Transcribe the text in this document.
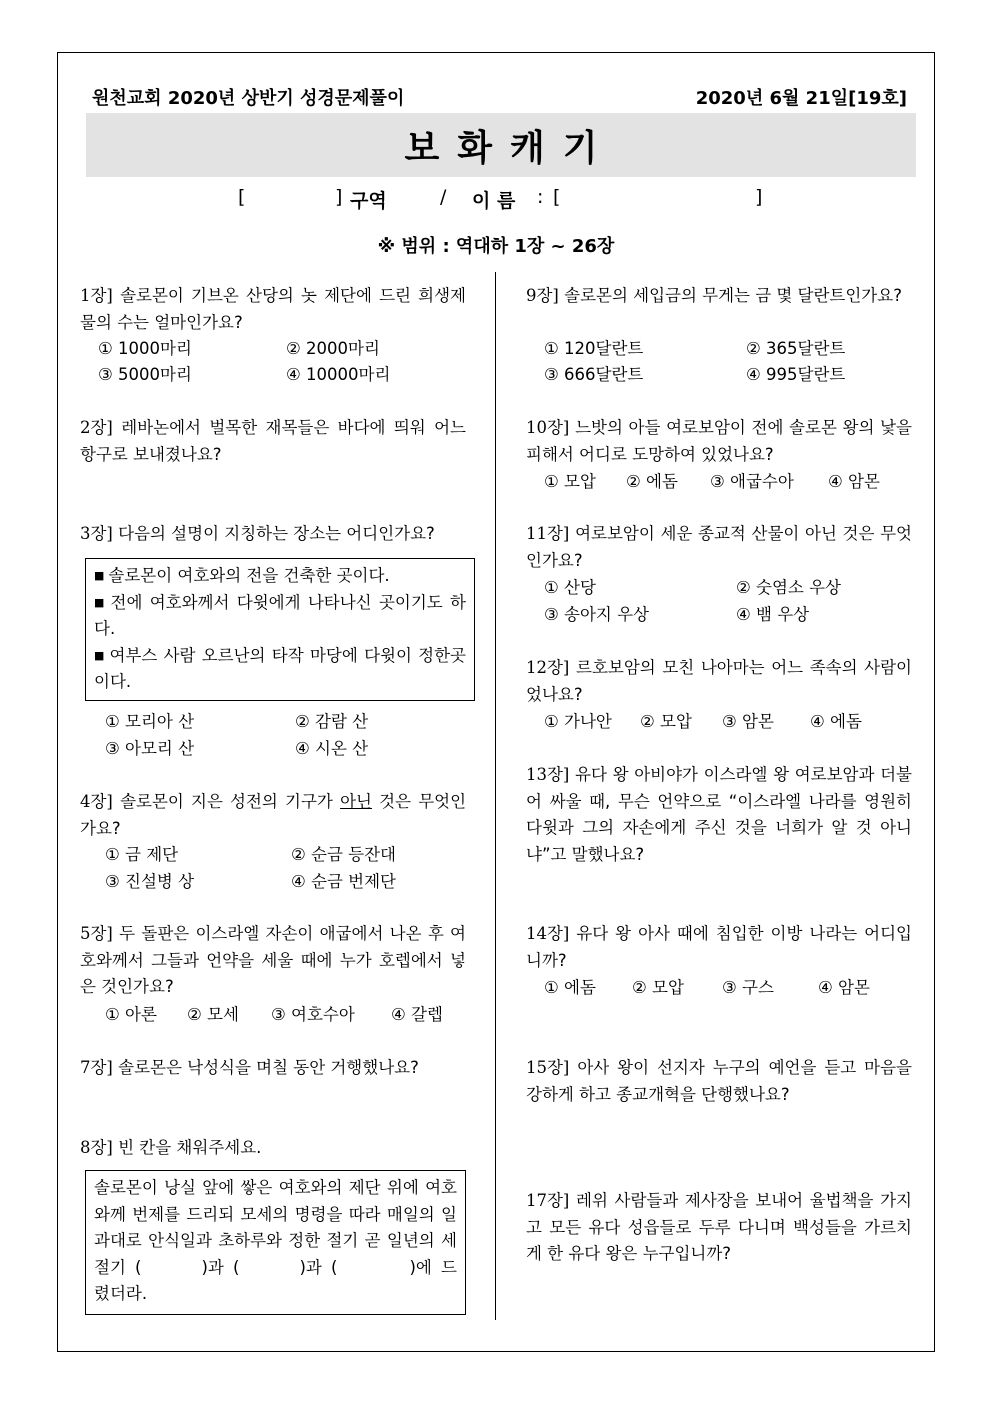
원천교회 2020년 상반기 성경문제풀이	2020년 6월 21일[19호]
보화캐기
[	] 구역	/ 이 름 : [	]
※ 범위 : 역대하 1장 ~ 26장
1장] 솔로몬이 기브온 산당의 놋 제단에 드린 희생제물의 수는 얼마인가요?
① 1000마리	② 2000마리
③ 5000마리	④ 10000마리
2장] 레바논에서 벌목한 재목들은 바다에 띄워 어느 항구로 보내졌나요?
3장] 다음의 설명이 지칭하는 장소는 어디인가요?
■ 솔로몬이 여호와의 전을 건축한 곳이다.
■ 전에 여호와께서 다윗에게 나타나신 곳이기도 하다.
■ 여부스 사람 오르난의 타작 마당에 다윗이 정한곳이다.
① 모리아 산	② 감람 산
③ 아모리 산	④ 시온 산
4장] 솔로몬이 지은 성전의 기구가 아닌 것은 무엇인가요?
① 금 제단	② 순금 등잔대
③ 진설병 상	④ 순금 번제단
5장] 두 돌판은 이스라엘 자손이 애굽에서 나온 후 여호와께서 그들과 언약을 세울 때에 누가 호렙에서 넣은 것인가요?
① 아론 ② 모세 ③ 여호수아 ④ 갈렙
7장] 솔로몬은 낙성식을 며칠 동안 거행했나요?
8장] 빈 칸을 채워주세요.
솔로몬이 낭실 앞에 쌓은 여호와의 제단 위에 여호와께 번제를 드리되 모세의 명령을 따라 매일의 일과대로 안식일과 초하루와 정한 절기 곧 일년의 세 절기 (	)과 (	)과 (	)에 드렸더라.
9장] 솔로몬의 세입금의 무게는 금 몇 달란트인가요?
① 120달란트	② 365달란트
③ 666달란트	④ 995달란트
10장] 느밧의 아들 여로보암이 전에 솔로몬 왕의 낯을 피해서 어디로 도망하여 있었나요?
① 모압 ② 에돔 ③ 애굽수아 ④ 암몬
11장] 여로보암이 세운 종교적 산물이 아닌 것은 무엇인가요?
① 산당	② 숫염소 우상
③ 송아지 우상	④ 뱀 우상
12장] 르호보암의 모친 나아마는 어느 족속의 사람이었나요?
① 가나안 ② 모압 ③ 암몬 ④ 에돔
13장] 유다 왕 아비야가 이스라엘 왕 여로보암과 더불어 싸울 때, 무슨 언약으로 “이스라엘 나라를 영원히 다윗과 그의 자손에게 주신 것을 너희가 알 것 아니냐”고 말했나요?
14장] 유다 왕 아사 때에 침입한 이방 나라는 어디입니까?
① 에돔 ② 모압 ③ 구스	④ 암몬
15장] 아사 왕이 선지자 누구의 예언을 듣고 마음을 강하게 하고 종교개혁을 단행했나요?
17장] 레위 사람들과 제사장을 보내어 율법책을 가지고 모든 유다 성읍들로 두루 다니며 백성들을 가르치게 한 유다 왕은 누구입니까?
